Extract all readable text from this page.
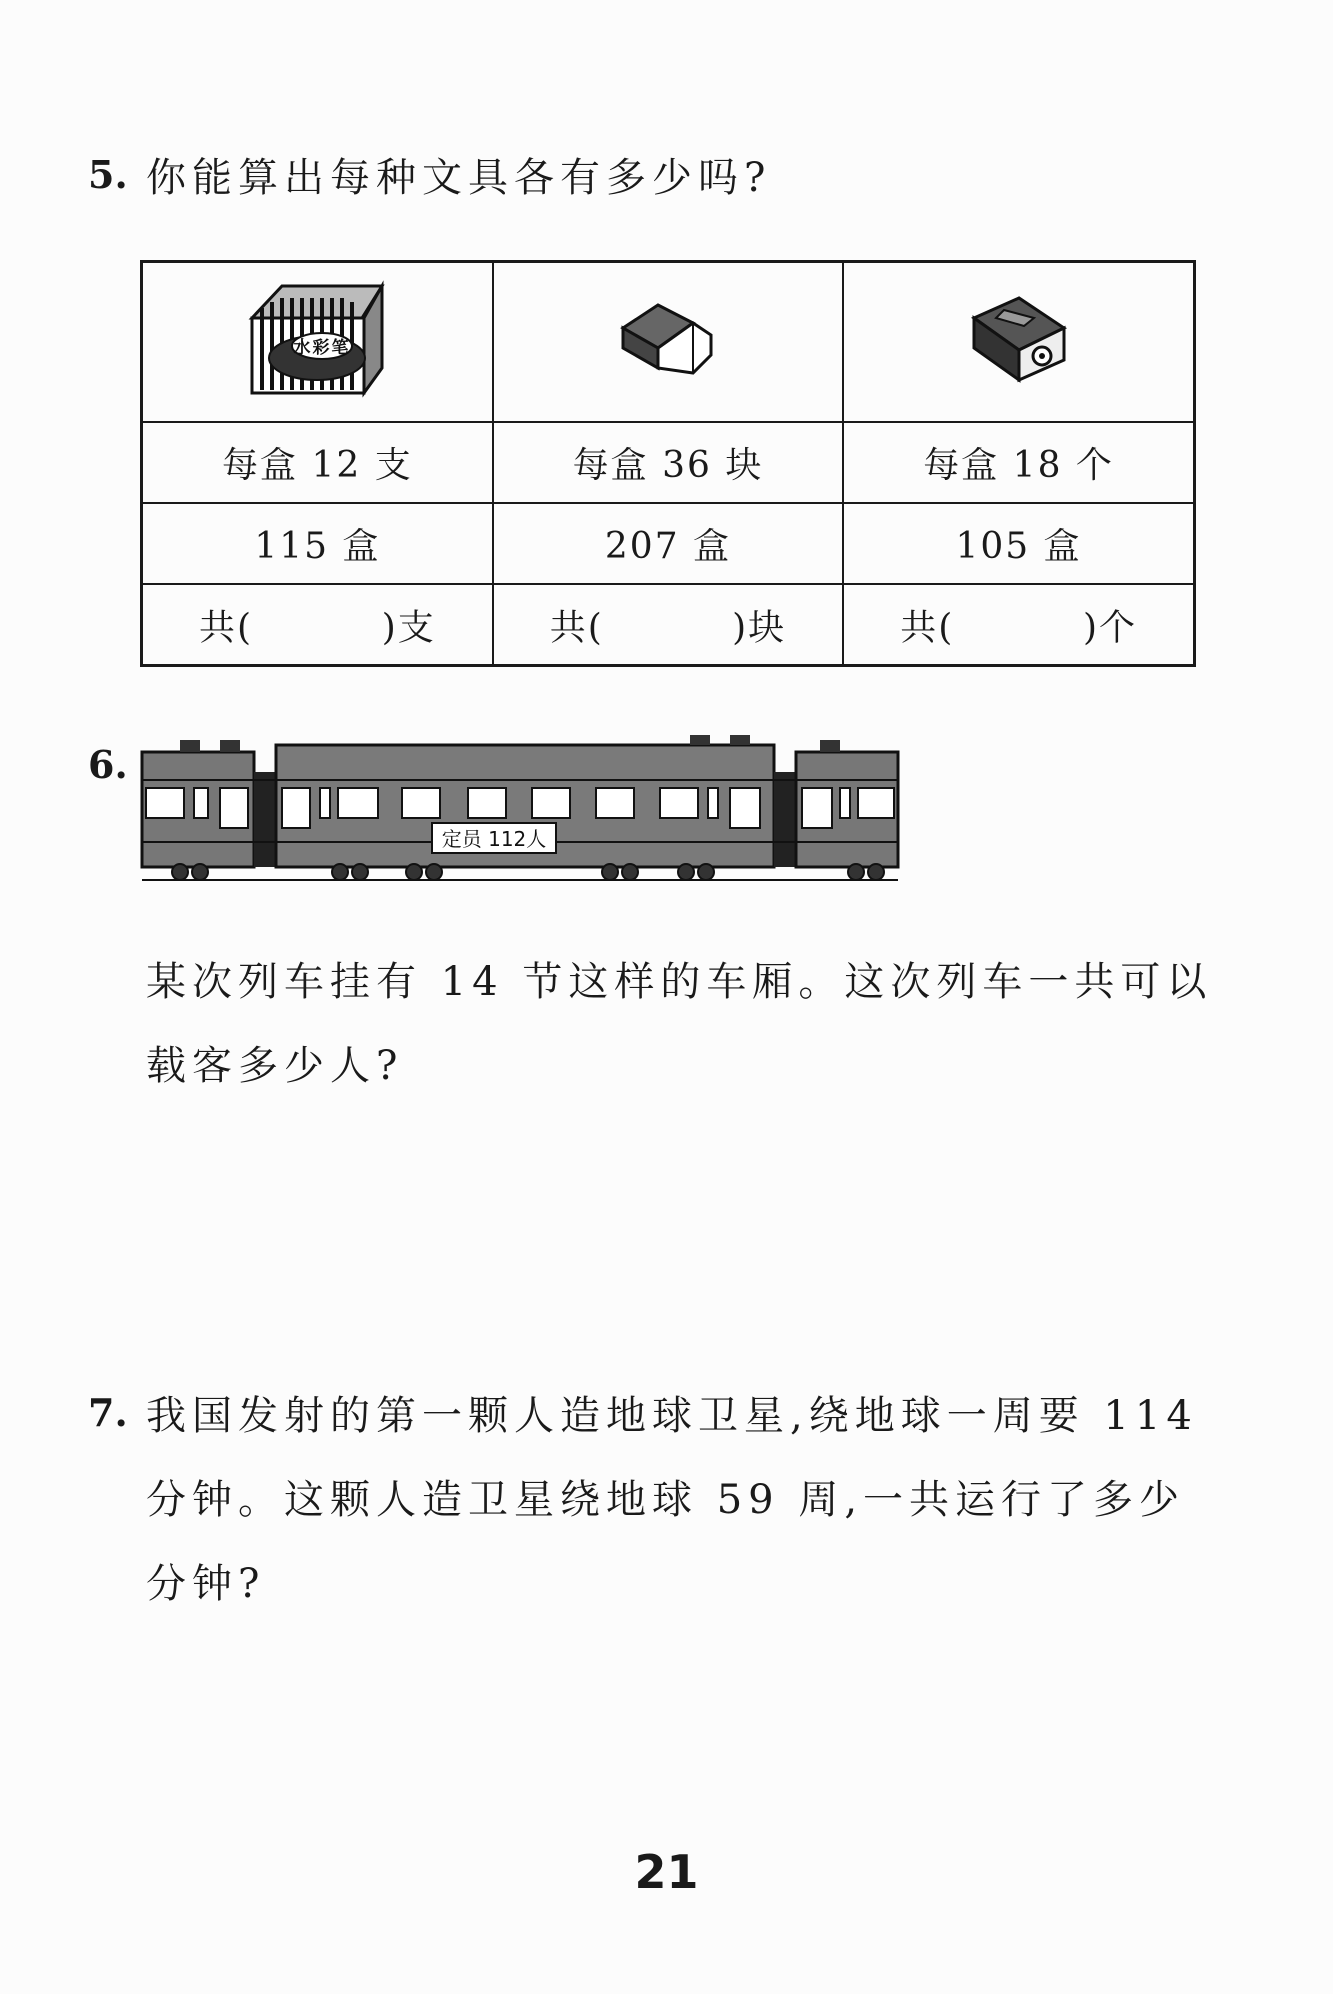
5. 你能算出每种文具各有多少吗?
水彩笔

每盒 12 支	每盒 36 块	每盒 18 个
115 盒	207 盒	105 盒

共( )支	共( )块	共( )个
6.
定员 112人
某次列车挂有 14 节这样的车厢。这次列车一共可以
载客多少人?
7. 我国发射的第一颗人造地球卫星,绕地球一周要 114
分钟。这颗人造卫星绕地球 59 周,一共运行了多少
分钟?
21
